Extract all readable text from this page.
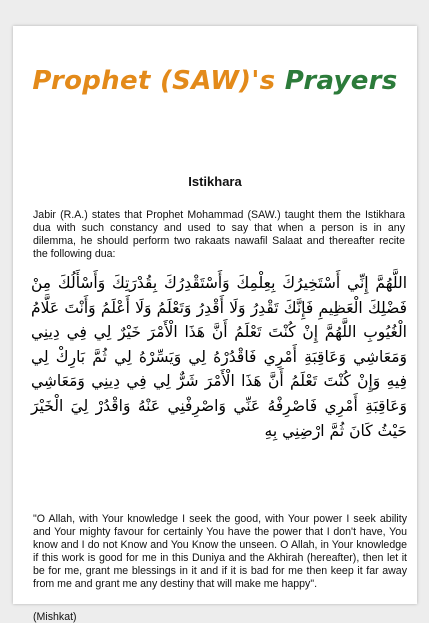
Prophet (SAW)'s Prayers
Istikhara
Jabir (R.A.) states that Prophet Mohammad (SAW.) taught them the Istikhara dua with such constancy and used to say that when a person is in any dilemma, he should perform two rakaats nawafil Salaat and thereafter recite the following dua:
اللَّهُمَّ إِنِّي أَسْتَخِيرُكَ بِعِلْمِكَ وَأَسْتَقْدِرُكَ بِقُدْرَتِكَ وَأَسْأَلُكَ مِنْ فَضْلِكَ الْعَظِيمِ فَإِنَّكَ تَقْدِرُ وَلَا أَقْدِرُ وَتَعْلَمُ وَلَا أَعْلَمُ وَأَنْتَ عَلَّامُ الْغُيُوبِ اللَّهُمَّ إِنْ كُنْتَ تَعْلَمُ أَنَّ هَذَا الْأَمْرَ خَيْرٌ لِي فِي دِينِي وَمَعَاشِي وَعَاقِبَةِ أَمْرِي فَاقْدُرْهُ لِي وَيَسِّرْهُ لِي ثُمَّ بَارِكْ لِي فِيهِ وَإِنْ كُنْتَ تَعْلَمُ أَنَّ هَذَا الْأَمْرَ شَرٌّ لِي فِي دِينِي وَمَعَاشِي وَعَاقِبَةِ أَمْرِي فَاصْرِفْهُ عَنِّي وَاصْرِفْنِي عَنْهُ وَاقْدُرْ لِيَ الْخَيْرَ حَيْثُ كَانَ ثُمَّ ارْضِنِي بِهِ
"O Allah, with Your knowledge I seek the good, with Your power I seek ability and Your mighty favour for certainly You have the power that I don't have, You know and I do not Know and You Know the unseen. O Allah, in Your knowledge if this work is good for me in this Duniya and the Akhirah (hereafter), then let it be for me, grant me blessings in it and if it is bad for me then keep it far away from me and grant me any destiny that will make me happy".
(Mishkat)
